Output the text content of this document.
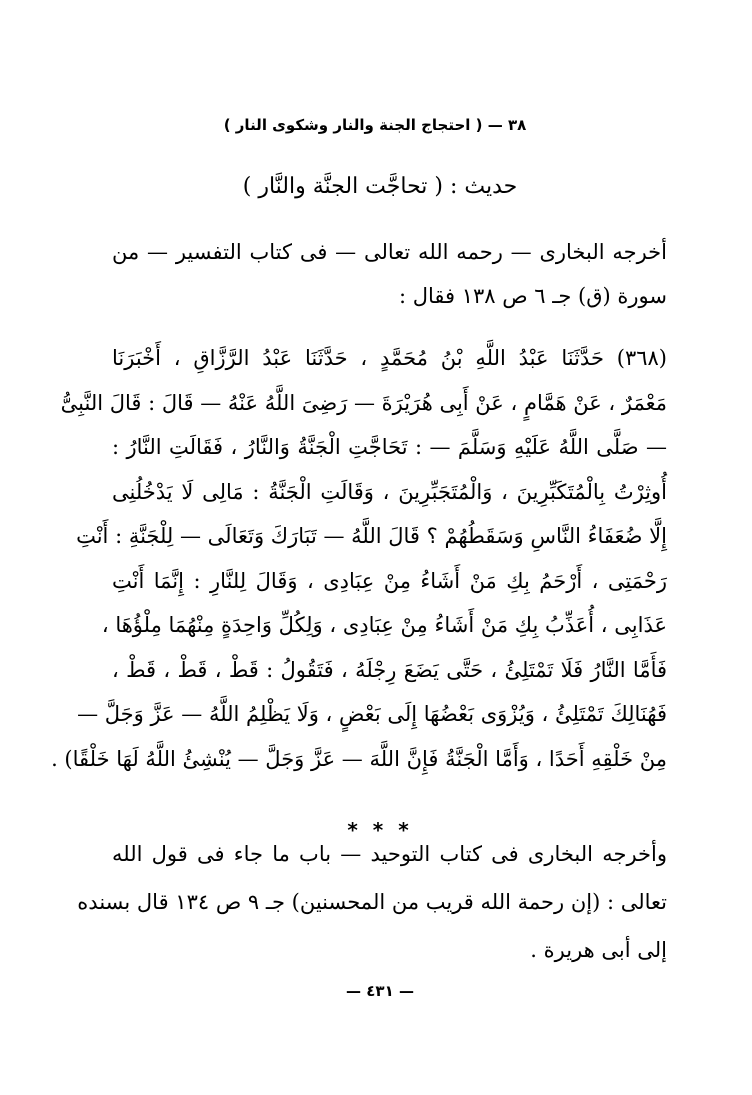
٣٨ — ( احتجاج الجنة والنار وشكوى النار )
حديث : ( تحاجَّت الجنَّة والنَّار )
أخرجه البخارى — رحمه الله تعالى — فى كتاب التفسير — من
سورة (ق) جـ ٦ ص ١٣٨ فقال :
(٣٦٨) حَدَّثَنَا عَبْدُ اللَّهِ بْنُ مُحَمَّدٍ ، حَدَّثَنَا عَبْدُ الرَّزَّاقِ ، أَخْبَرَنَا
مَعْمَرٌ ، عَنْ هَمَّامٍ ، عَنْ أَبِى هُرَيْرَةَ — رَضِىَ اللَّهُ عَنْهُ — قَالَ : قَالَ النَّبِىُّ
— صَلَّى اللَّهُ عَلَيْهِ وَسَلَّمَ — : تَحَاجَّتِ الْجَنَّةُ وَالنَّارُ ، فَقَالَتِ النَّارُ :
أُوثِرْتُ بِالْمُتَكَبِّرِينَ ، وَالْمُتَجَبِّرِينَ ، وَقَالَتِ الْجَنَّةُ : مَالِى لَا يَدْخُلُنِى
إِلَّا ضُعَفَاءُ النَّاسِ وَسَقَطُهُمْ ؟ قَالَ اللَّهُ — تَبَارَكَ وَتَعَالَى — لِلْجَنَّةِ : أَنْتِ
رَحْمَتِى ، أَرْحَمُ بِكِ مَنْ أَشَاءُ مِنْ عِبَادِى ، وَقَالَ لِلنَّارِ : إِنَّمَا أَنْتِ
عَذَابِى ، أُعَذِّبُ بِكِ مَنْ أَشَاءُ مِنْ عِبَادِى ، وَلِكُلِّ وَاحِدَةٍ مِنْهُمَا مِلْؤُهَا ،
فَأَمَّا النَّارُ فَلَا تَمْتَلِئُ ، حَتَّى يَضَعَ رِجْلَهُ ، فَتَقُولُ : قَطْ ، قَطْ ، قَطْ ،
فَهُنَالِكَ تَمْتَلِئُ ، وَيُزْوَى بَعْضُهَا إِلَى بَعْضٍ ، وَلَا يَظْلِمُ اللَّهُ — عَزَّ وَجَلَّ —
مِنْ خَلْقِهِ أَحَدًا ، وَأَمَّا الْجَنَّةُ فَإِنَّ اللَّهَ — عَزَّ وَجَلَّ — يُنْشِئُ اللَّهُ لَهَا خَلْقًا) .
* * *
وأخرجه البخارى فى كتاب التوحيد — باب ما جاء فى قول الله
تعالى : (إن رحمة الله قريب من المحسنين) جـ ٩ ص ١٣٤ قال بسنده
إلى أبى هريرة .
— ٤٣١ —
